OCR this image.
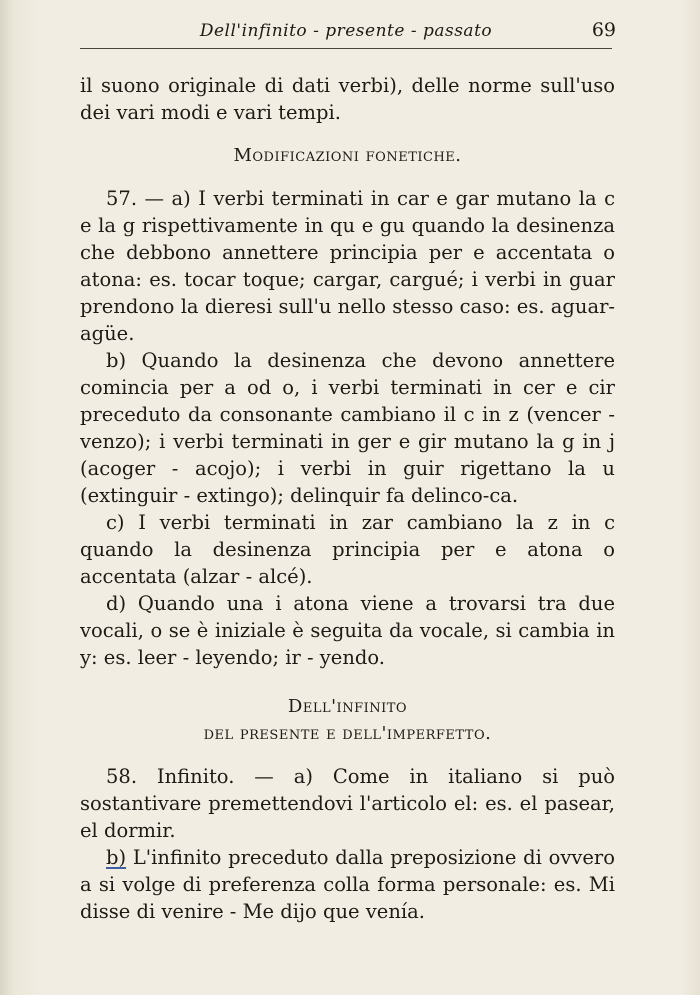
Dell'infinito - presente - passato	69

il suono originale di dati verbi), delle norme sull'uso dei vari modi e vari tempi.

Modificazioni fonetiche.

57. — a) I verbi terminati in car e gar mutano la c e la g rispettivamente in qu e gu quando la desinenza che debbono annettere principia per e accentata o atona: es. tocar toque; cargar, cargué; i verbi in guar prendono la dieresi sull'u nello stesso caso: es. aguar-agüe.

b) Quando la desinenza che devono annettere comincia per a od o, i verbi terminati in cer e cir preceduto da consonante cambiano il c in z (vencer - venzo); i verbi terminati in ger e gir mutano la g in j (acoger - acojo); i verbi in guir rigettano la u (extinguir - extingo); delinquir fa delinco-ca.

c) I verbi terminati in zar cambiano la z in c quando la desinenza principia per e atona o accentata (alzar - alcé).

d) Quando una i atona viene a trovarsi tra due vocali, o se è iniziale è seguita da vocale, si cambia in y: es. leer - leyendo; ir - yendo.

Dell'infinito

del presente e dell'imperfetto.

58. Infinito. — a) Come in italiano si può sostantivare premettendovi l'articolo el: es. el pasear, el dormir.

b) L'infinito preceduto dalla preposizione di ovvero a si volge di preferenza colla forma personale: es. Mi disse di venire - Me dijo que venía.
